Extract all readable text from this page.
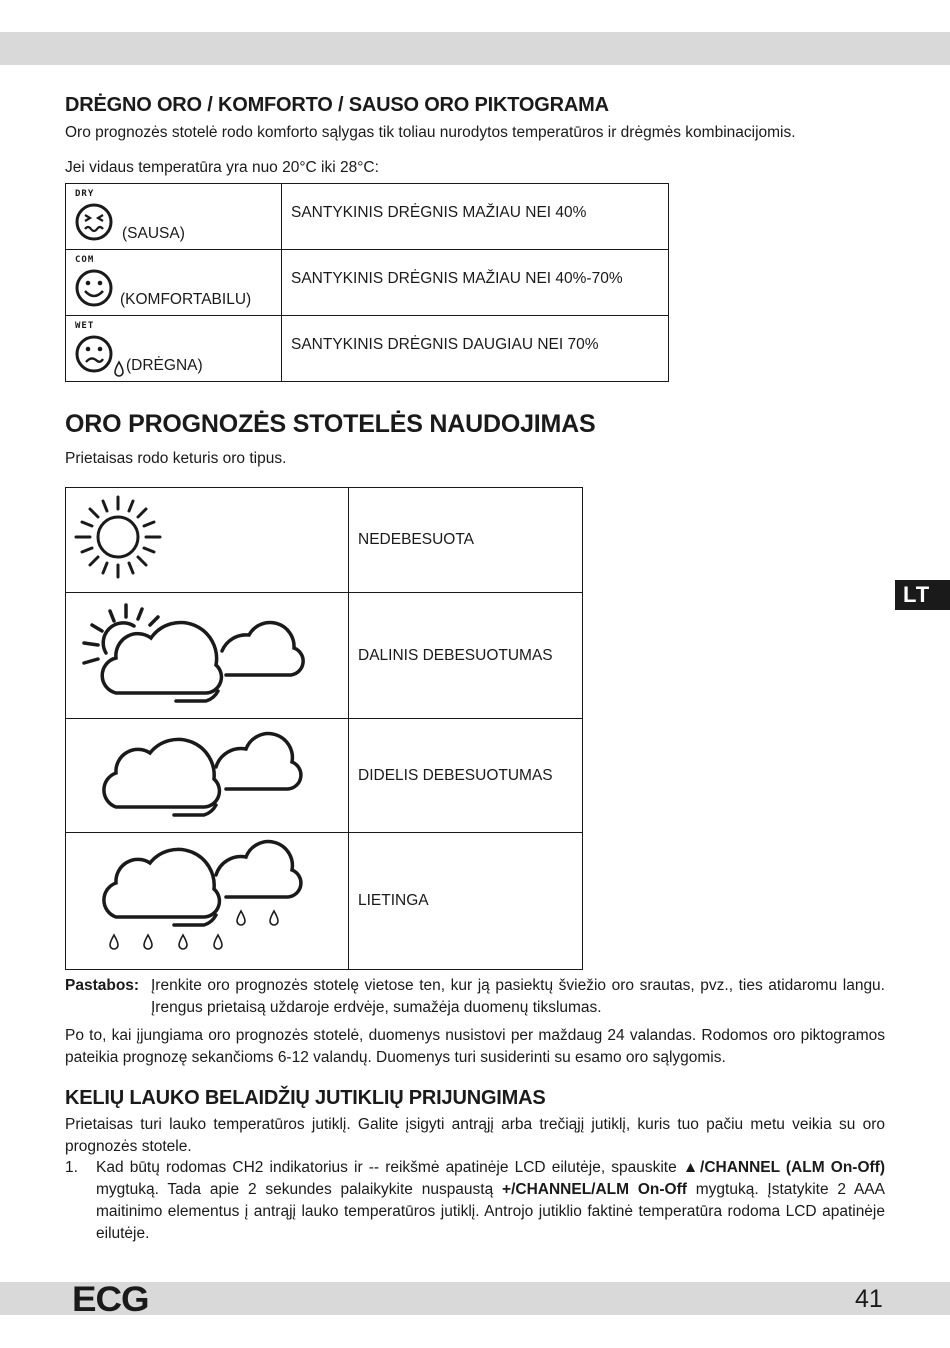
DRĖGNO ORO / KOMFORTO / SAUSO ORO PIKTOGRAMA
Oro prognozės stotelė rodo komforto sąlygas tik toliau nurodytos temperatūros ir drėgmės kombinacijomis.
Jei vidaus temperatūra yra nuo 20°C iki 28°C:
DRY
(SAUSA)	SANTYKINIS DRĖGNIS MAŽIAU NEI 40%

COM
(KOMFORTABILU)	SANTYKINIS DRĖGNIS MAŽIAU NEI 40%-70%

WET
(DRĖGNA)	SANTYKINIS DRĖGNIS DAUGIAU NEI 70%
ORO PROGNOZĖS STOTELĖS NAUDOJIMAS
Prietaisas rodo keturis oro tipus.
	NEDEBESUOTA
	DALINIS DEBESUOTUMAS
	DIDELIS DEBESUOTUMAS
	LIETINGA
LT
Pastabos: Įrenkite oro prognozės stotelę vietose ten, kur ją pasiektų šviežio oro srautas, pvz., ties atidaromu langu. Įrengus prietaisą uždaroje erdvėje, sumažėja duomenų tikslumas.
Po to, kai įjungiama oro prognozės stotelė, duomenys nusistovi per maždaug 24 valandas. Rodomos oro piktogramos pateikia prognozę sekančioms 6-12 valandų. Duomenys turi susiderinti su esamo oro sąlygomis.
KELIŲ LAUKO BELAIDŽIŲ JUTIKLIŲ PRIJUNGIMAS
Prietaisas turi lauko temperatūros jutiklį. Galite įsigyti antrąjį arba trečiąjį jutiklį, kuris tuo pačiu metu veikia su oro prognozės stotele.
1. Kad būtų rodomas CH2 indikatorius ir -- reikšmė apatinėje LCD eilutėje, spauskite ▲/CHANNEL (ALM On-Off) mygtuką. Tada apie 2 sekundes palaikykite nuspaustą +/CHANNEL/ALM On-Off mygtuką. Įstatykite 2 AAA maitinimo elementus į antrąjį lauko temperatūros jutiklį. Antrojo jutiklio faktinė temperatūra rodoma LCD apatinėje eilutėje.
ECG	41
